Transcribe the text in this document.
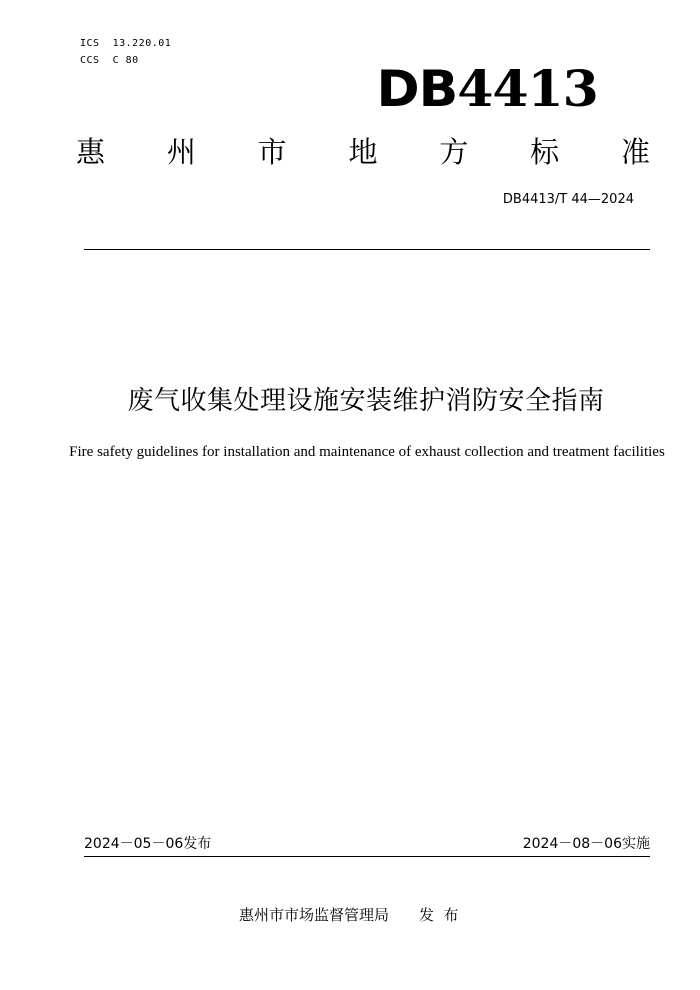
ICS  13.220.01
CCS  C 80	DB4413
惠 州 市 地 方 标 准
DB4413/T 44—2024
废气收集处理设施安装维护消防安全指南
Fire safety guidelines for installation and maintenance of exhaust collection and treatment facilities
2024－05－06发布	2024－08－06实施
惠州市市场监督管理局 发  布
